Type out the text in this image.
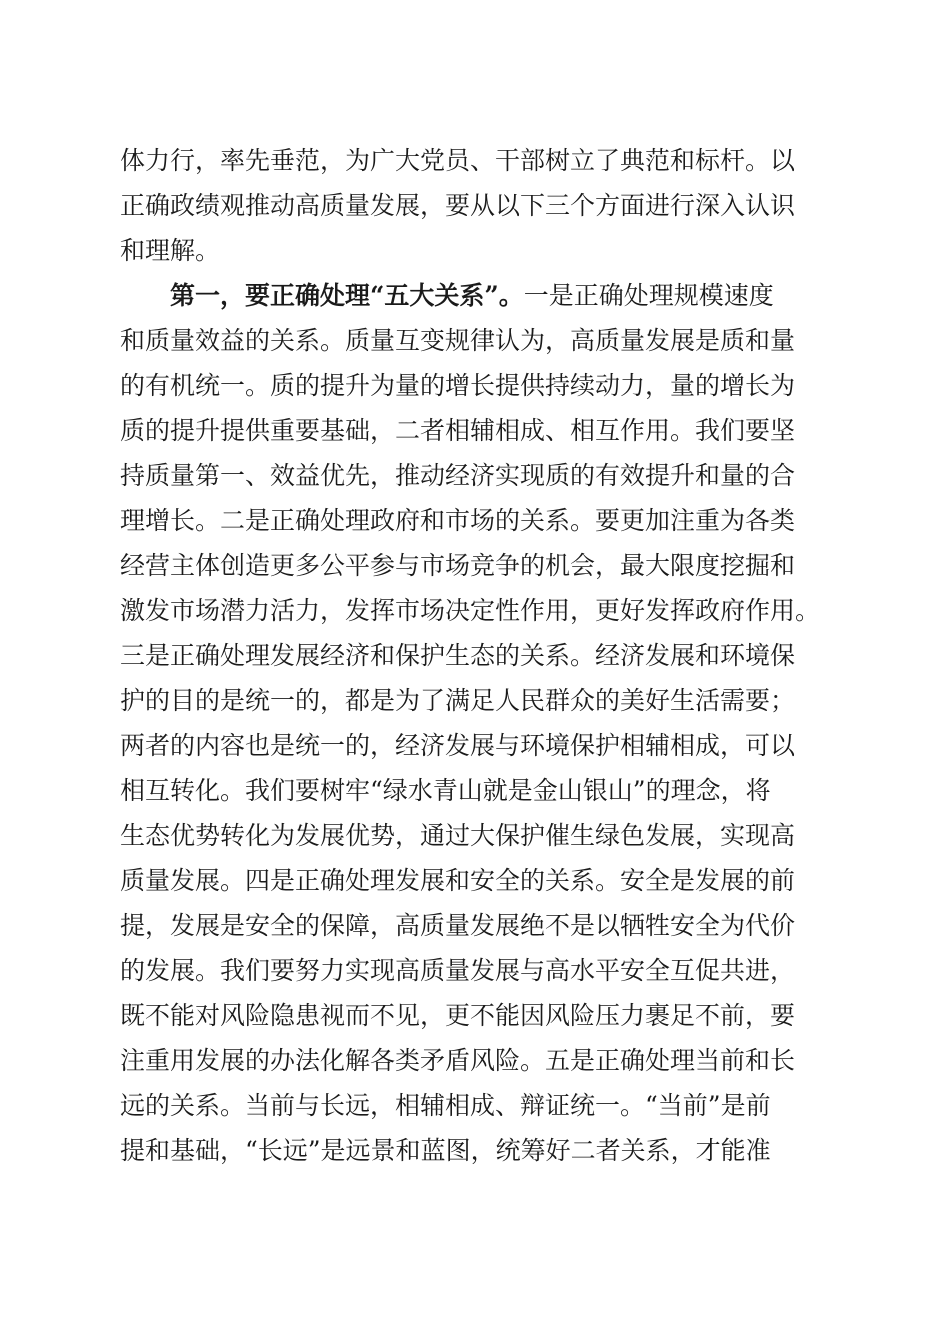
体力行，率先垂范，为广大党员、干部树立了典范和标杆。以
正确政绩观推动高质量发展，要从以下三个方面进行深入认识
和理解。
第一，要正确处理“五大关系”。一是正确处理规模速度
和质量效益的关系。质量互变规律认为，高质量发展是质和量
的有机统一。质的提升为量的增长提供持续动力，量的增长为
质的提升提供重要基础，二者相辅相成、相互作用。我们要坚
持质量第一、效益优先，推动经济实现质的有效提升和量的合
理增长。二是正确处理政府和市场的关系。要更加注重为各类
经营主体创造更多公平参与市场竞争的机会，最大限度挖掘和
激发市场潜力活力，发挥市场决定性作用，更好发挥政府作用。
三是正确处理发展经济和保护生态的关系。经济发展和环境保
护的目的是统一的，都是为了满足人民群众的美好生活需要；
两者的内容也是统一的，经济发展与环境保护相辅相成，可以
相互转化。我们要树牢“绿水青山就是金山银山”的理念，将
生态优势转化为发展优势，通过大保护催生绿色发展，实现高
质量发展。四是正确处理发展和安全的关系。安全是发展的前
提，发展是安全的保障，高质量发展绝不是以牺牲安全为代价
的发展。我们要努力实现高质量发展与高水平安全互促共进，
既不能对风险隐患视而不见，更不能因风险压力裹足不前，要
注重用发展的办法化解各类矛盾风险。五是正确处理当前和长
远的关系。当前与长远，相辅相成、辩证统一。“当前”是前
提和基础，“长远”是远景和蓝图，统筹好二者关系，才能准
